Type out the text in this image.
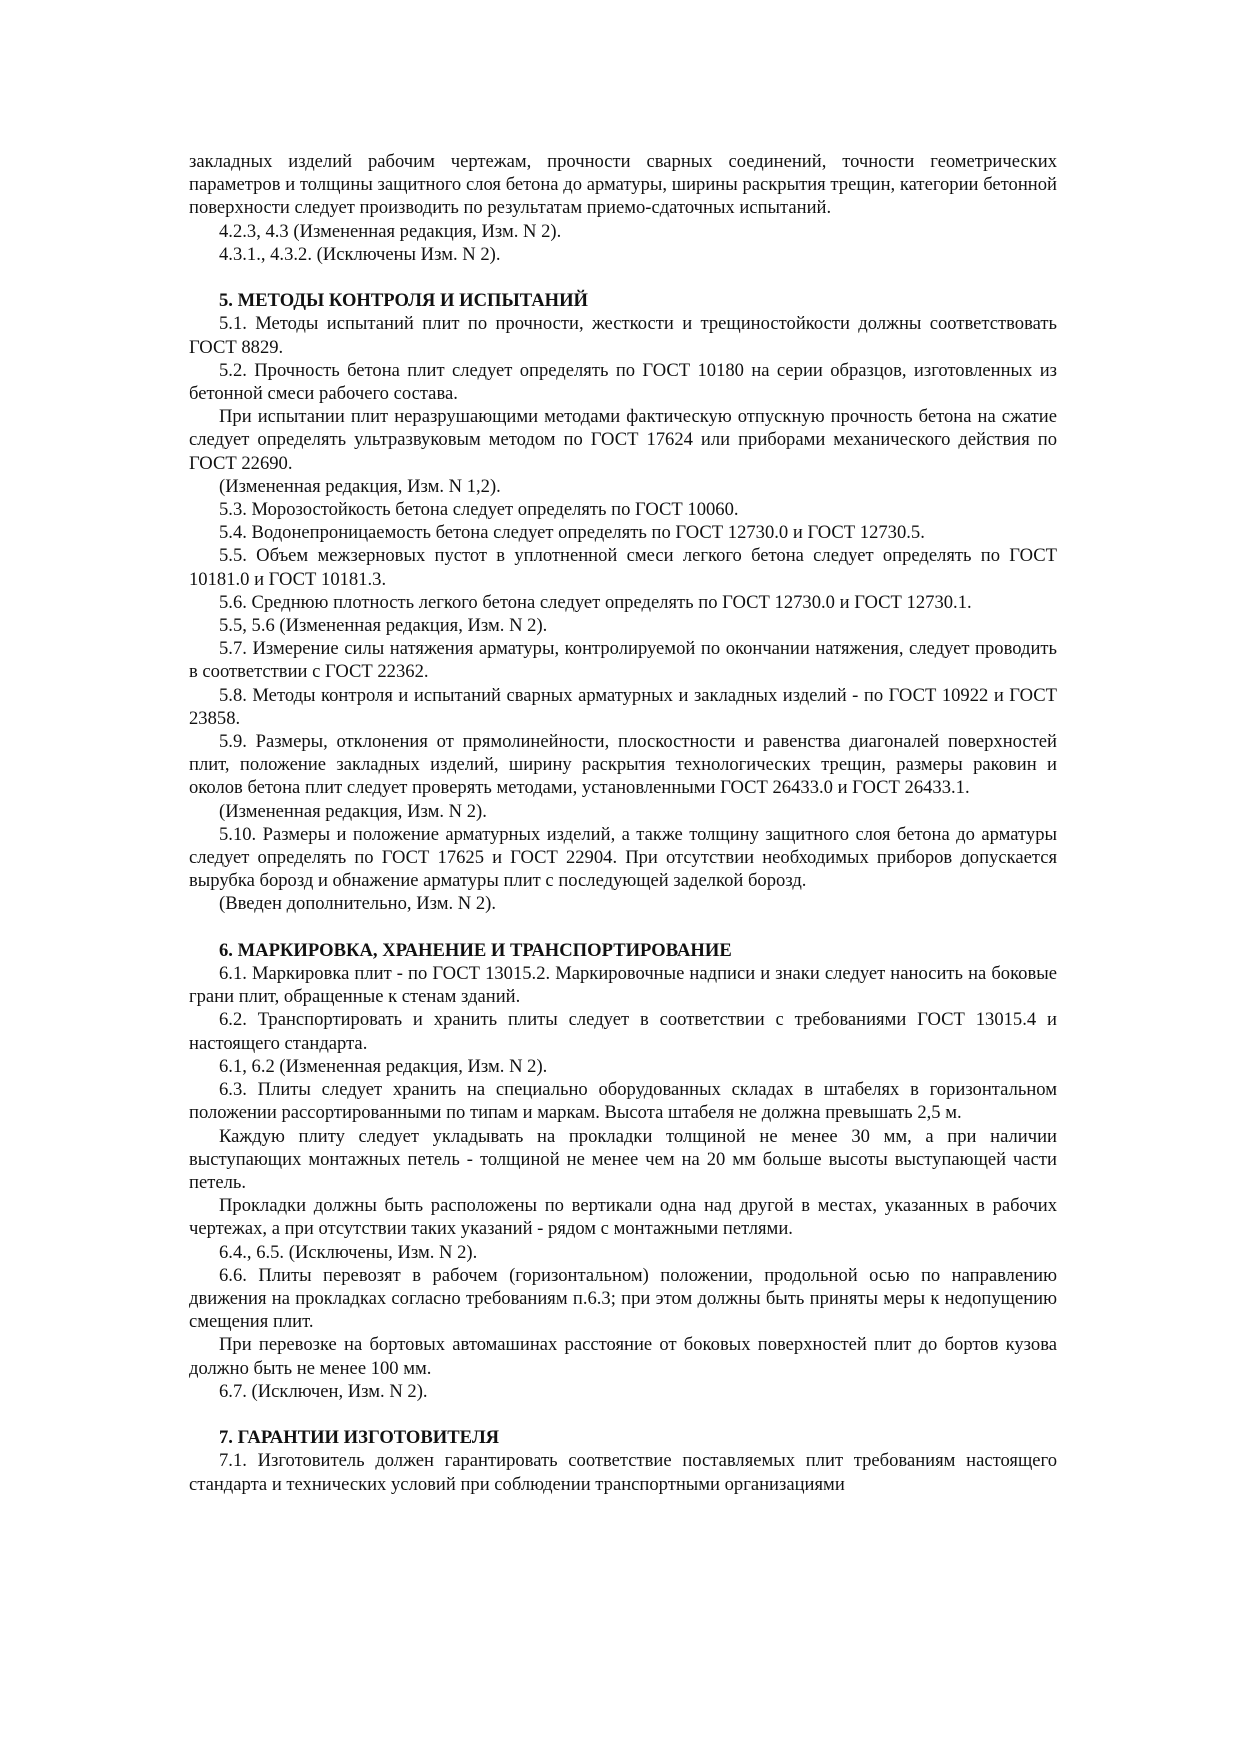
закладных изделий рабочим чертежам, прочности сварных соединений, точности геометрических параметров и толщины защитного слоя бетона до арматуры, ширины раскрытия трещин, категории бетонной поверхности следует производить по результатам приемо-сдаточных испытаний.

4.2.3, 4.3 (Измененная редакция, Изм. N 2).

4.3.1., 4.3.2. (Исключены Изм. N 2).

5. МЕТОДЫ КОНТРОЛЯ И ИСПЫТАНИЙ

5.1. Методы испытаний плит по прочности, жесткости и трещиностойкости должны соответствовать ГОСТ 8829.

5.2. Прочность бетона плит следует определять по ГОСТ 10180 на серии образцов, изготовленных из бетонной смеси рабочего состава.

При испытании плит неразрушающими методами фактическую отпускную прочность бетона на сжатие следует определять ультразвуковым методом по ГОСТ 17624 или приборами механического действия по ГОСТ 22690.

(Измененная редакция, Изм. N 1,2).

5.3. Морозостойкость бетона следует определять по ГОСТ 10060.

5.4. Водонепроницаемость бетона следует определять по ГОСТ 12730.0 и ГОСТ 12730.5.

5.5. Объем межзерновых пустот в уплотненной смеси легкого бетона следует определять по ГОСТ 10181.0 и ГОСТ 10181.3.

5.6. Среднюю плотность легкого бетона следует определять по ГОСТ 12730.0 и ГОСТ 12730.1.

5.5, 5.6 (Измененная редакция, Изм. N 2).

5.7. Измерение силы натяжения арматуры, контролируемой по окончании натяжения, следует проводить в соответствии с ГОСТ 22362.

5.8. Методы контроля и испытаний сварных арматурных и закладных изделий - по ГОСТ 10922 и ГОСТ 23858.

5.9. Размеры, отклонения от прямолинейности, плоскостности и равенства диагоналей поверхностей плит, положение закладных изделий, ширину раскрытия технологических трещин, размеры раковин и околов бетона плит следует проверять методами, установленными ГОСТ 26433.0 и ГОСТ 26433.1.

(Измененная редакция, Изм. N 2).

5.10. Размеры и положение арматурных изделий, а также толщину защитного слоя бетона до арматуры следует определять по ГОСТ 17625 и ГОСТ 22904. При отсутствии необходимых приборов допускается вырубка борозд и обнажение арматуры плит с последующей заделкой борозд.

(Введен дополнительно, Изм. N 2).

6. МАРКИРОВКА, ХРАНЕНИЕ И ТРАНСПОРТИРОВАНИЕ

6.1. Маркировка плит - по ГОСТ 13015.2. Маркировочные надписи и знаки следует наносить на боковые грани плит, обращенные к стенам зданий.

6.2. Транспортировать и хранить плиты следует в соответствии с требованиями ГОСТ 13015.4 и настоящего стандарта.

6.1, 6.2 (Измененная редакция, Изм. N 2).

6.3. Плиты следует хранить на специально оборудованных складах в штабелях в горизонтальном положении рассортированными по типам и маркам. Высота штабеля не должна превышать 2,5 м.

Каждую плиту следует укладывать на прокладки толщиной не менее 30 мм, а при наличии выступающих монтажных петель - толщиной не менее чем на 20 мм больше высоты выступающей части петель.

Прокладки должны быть расположены по вертикали одна над другой в местах, указанных в рабочих чертежах, а при отсутствии таких указаний - рядом с монтажными петлями.

6.4., 6.5. (Исключены, Изм. N 2).

6.6. Плиты перевозят в рабочем (горизонтальном) положении, продольной осью по направлению движения на прокладках согласно требованиям п.6.3; при этом должны быть приняты меры к недопущению смещения плит.

При перевозке на бортовых автомашинах расстояние от боковых поверхностей плит до бортов кузова должно быть не менее 100 мм.

6.7. (Исключен, Изм. N 2).

7. ГАРАНТИИ ИЗГОТОВИТЕЛЯ

7.1. Изготовитель должен гарантировать соответствие поставляемых плит требованиям настоящего стандарта и технических условий при соблюдении транспортными организациями
